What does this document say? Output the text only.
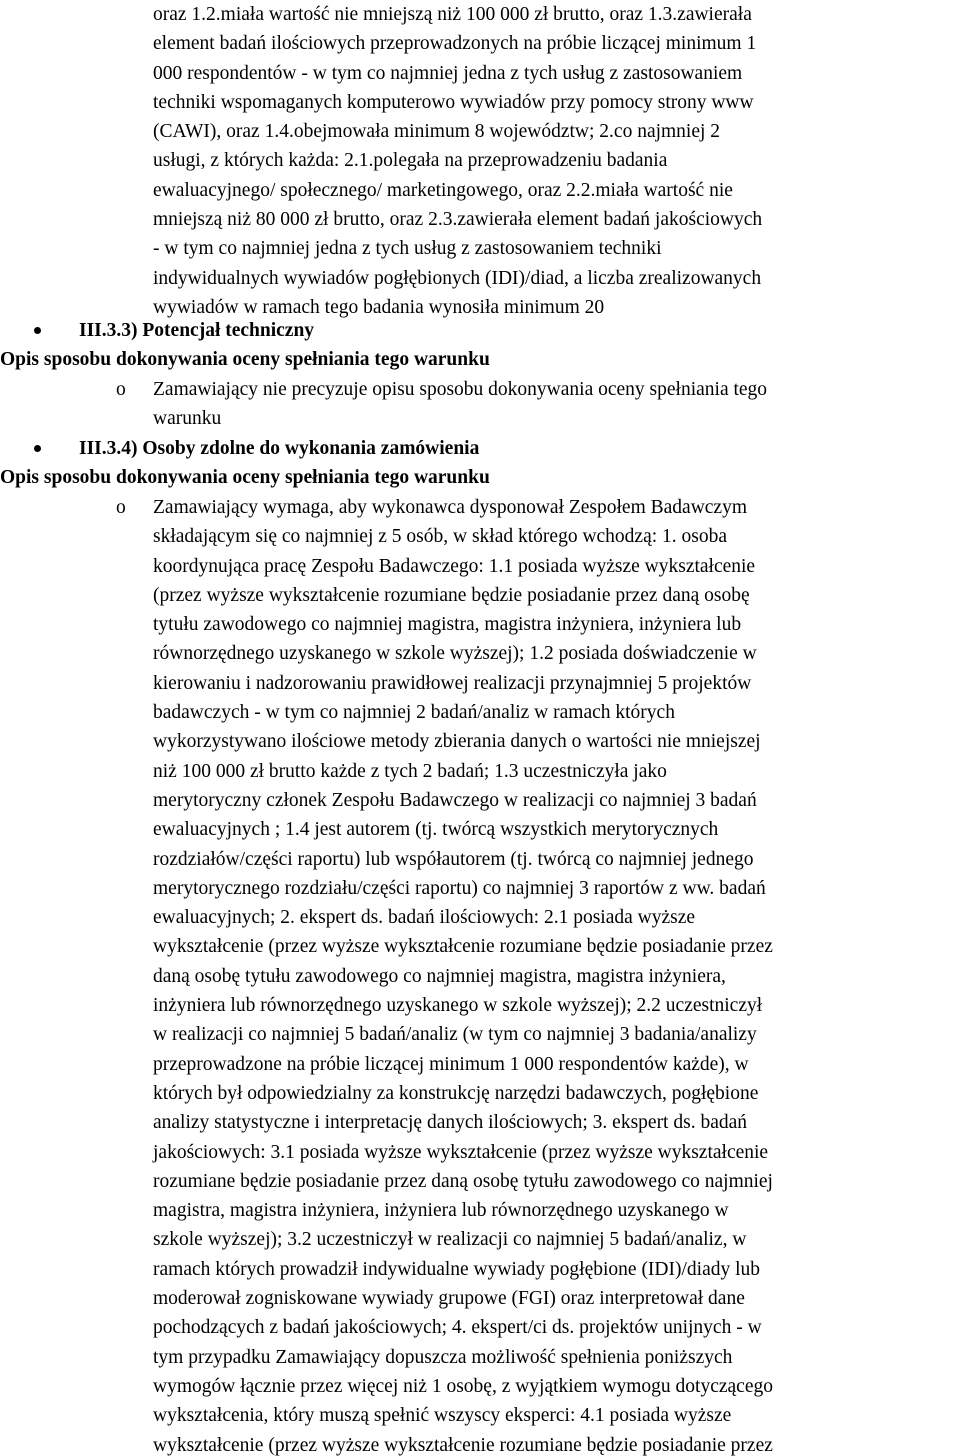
oraz 1.2.miała wartość nie mniejszą niż 100 000 zł brutto, oraz 1.3.zawierała
element badań ilościowych przeprowadzonych na próbie liczącej minimum 1
000 respondentów - w tym co najmniej jedna z tych usług z zastosowaniem
techniki wspomaganych komputerowo wywiadów przy pomocy strony www
(CAWI), oraz 1.4.obejmowała minimum 8 województw; 2.co najmniej 2
usługi, z których każda: 2.1.polegała na przeprowadzeniu badania
ewaluacyjnego/ społecznego/ marketingowego, oraz 2.2.miała wartość nie
mniejszą niż 80 000 zł brutto, oraz 2.3.zawierała element badań jakościowych
- w tym co najmniej jedna z tych usług z zastosowaniem techniki
indywidualnych wywiadów pogłębionych (IDI)/diad, a liczba zrealizowanych
wywiadów w ramach tego badania wynosiła minimum 20
III.3.3) Potencjał techniczny
Opis sposobu dokonywania oceny spełniania tego warunku
o Zamawiający nie precyzuje opisu sposobu dokonywania oceny spełniania tego
warunku
III.3.4) Osoby zdolne do wykonania zamówienia
Opis sposobu dokonywania oceny spełniania tego warunku
o Zamawiający wymaga, aby wykonawca dysponował Zespołem Badawczym
składającym się co najmniej z 5 osób, w skład którego wchodzą: 1. osoba
koordynująca pracę Zespołu Badawczego: 1.1 posiada wyższe wykształcenie
(przez wyższe wykształcenie rozumiane będzie posiadanie przez daną osobę
tytułu zawodowego co najmniej magistra, magistra inżyniera, inżyniera lub
równorzędnego uzyskanego w szkole wyższej); 1.2 posiada doświadczenie w
kierowaniu i nadzorowaniu prawidłowej realizacji przynajmniej 5 projektów
badawczych - w tym co najmniej 2 badań/analiz w ramach których
wykorzystywano ilościowe metody zbierania danych o wartości nie mniejszej
niż 100 000 zł brutto każde z tych 2 badań; 1.3 uczestniczyła jako
merytoryczny członek Zespołu Badawczego w realizacji co najmniej 3 badań
ewaluacyjnych ; 1.4 jest autorem (tj. twórcą wszystkich merytorycznych
rozdziałów/części raportu) lub współautorem (tj. twórcą co najmniej jednego
merytorycznego rozdziału/części raportu) co najmniej 3 raportów z ww. badań
ewaluacyjnych; 2. ekspert ds. badań ilościowych: 2.1 posiada wyższe
wykształcenie (przez wyższe wykształcenie rozumiane będzie posiadanie przez
daną osobę tytułu zawodowego co najmniej magistra, magistra inżyniera,
inżyniera lub równorzędnego uzyskanego w szkole wyższej); 2.2 uczestniczył
w realizacji co najmniej 5 badań/analiz (w tym co najmniej 3 badania/analizy
przeprowadzone na próbie liczącej minimum 1 000 respondentów każde), w
których był odpowiedzialny za konstrukcję narzędzi badawczych, pogłębione
analizy statystyczne i interpretację danych ilościowych; 3. ekspert ds. badań
jakościowych: 3.1 posiada wyższe wykształcenie (przez wyższe wykształcenie
rozumiane będzie posiadanie przez daną osobę tytułu zawodowego co najmniej
magistra, magistra inżyniera, inżyniera lub równorzędnego uzyskanego w
szkole wyższej); 3.2 uczestniczył w realizacji co najmniej 5 badań/analiz, w
ramach których prowadził indywidualne wywiady pogłębione (IDI)/diady lub
moderował zogniskowane wywiady grupowe (FGI) oraz interpretował dane
pochodzących z badań jakościowych; 4. ekspert/ci ds. projektów unijnych - w
tym przypadku Zamawiający dopuszcza możliwość spełnienia poniższych
wymogów łącznie przez więcej niż 1 osobę, z wyjątkiem wymogu dotyczącego
wykształcenia, który muszą spełnić wszyscy eksperci: 4.1 posiada wyższe
wykształcenie (przez wyższe wykształcenie rozumiane będzie posiadanie przez
